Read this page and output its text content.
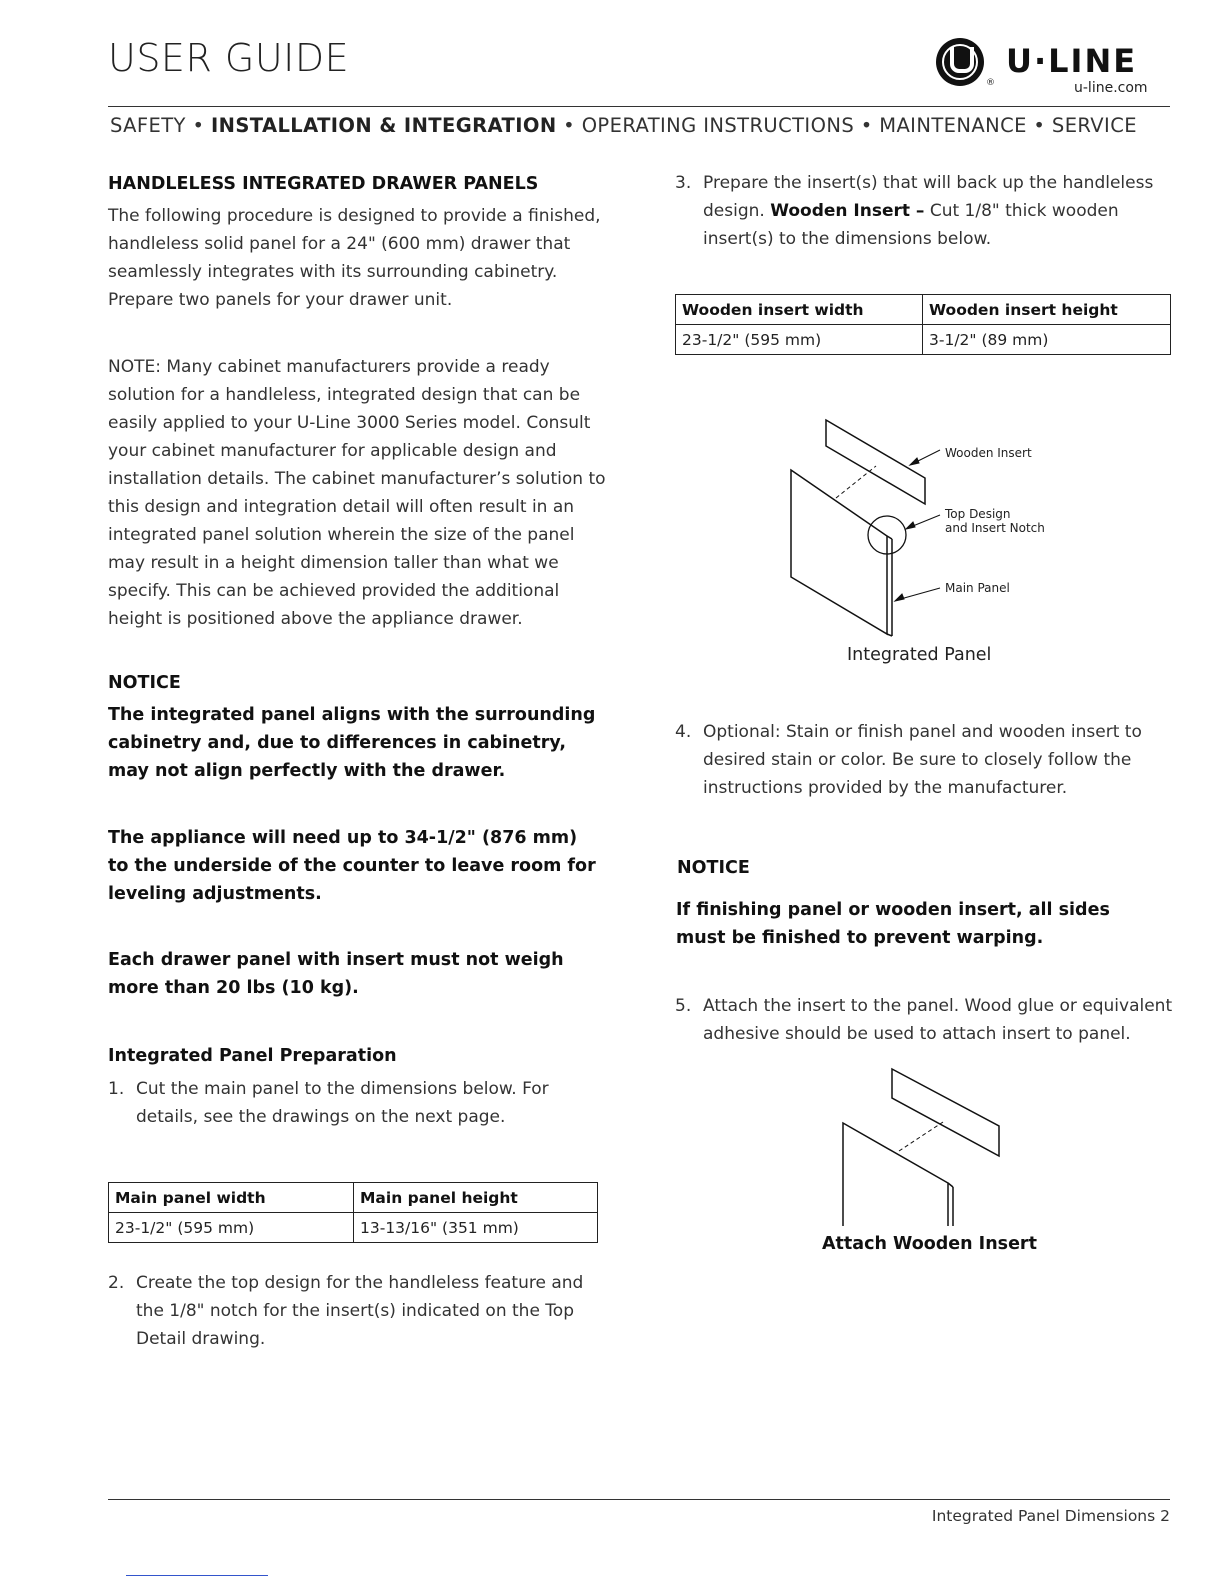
USER GUIDE
®
U·LINE
u-line.com
SAFETY • INSTALLATION & INTEGRATION • OPERATING INSTRUCTIONS • MAINTENANCE • SERVICE
HANDLELESS INTEGRATED DRAWER PANELS
The following procedure is designed to provide a finished,
handleless solid panel for a 24" (600 mm) drawer that
seamlessly integrates with its surrounding cabinetry.
Prepare two panels for your drawer unit.
NOTE: Many cabinet manufacturers provide a ready
solution for a handleless, integrated design that can be
easily applied to your U-Line 3000 Series model. Consult
your cabinet manufacturer for applicable design and
installation details. The cabinet manufacturer’s solution to
this design and integration detail will often result in an
integrated panel solution wherein the size of the panel
may result in a height dimension taller than what we
specify. This can be achieved provided the additional
height is positioned above the appliance drawer.
NOTICE
The integrated panel aligns with the surrounding
cabinetry and, due to differences in cabinetry,
may not align perfectly with the drawer.
The appliance will need up to 34-1/2" (876 mm)
to the underside of the counter to leave room for
leveling adjustments.
Each drawer panel with insert must not weigh
more than 20 lbs (10 kg).
Integrated Panel Preparation
1. Cut the main panel to the dimensions below. For
details, see the drawings on the next page.
Main panel width	Main panel height
23-1/2" (595 mm)	13-13/16" (351 mm)
2. Create the top design for the handleless feature and
the 1/8" notch for the insert(s) indicated on the Top
Detail drawing.
3. Prepare the insert(s) that will back up the handleless
design. Wooden Insert – Cut 1/8" thick wooden
insert(s) to the dimensions below.
Wooden insert width	Wooden insert height
23-1/2" (595 mm)	3-1/2" (89 mm)
Wooden Insert
Top Design
and Insert Notch
Main Panel
Integrated Panel
4. Optional: Stain or finish panel and wooden insert to
desired stain or color. Be sure to closely follow the
instructions provided by the manufacturer.
NOTICE
If finishing panel or wooden insert, all sides
must be finished to prevent warping.
5. Attach the insert to the panel. Wood glue or equivalent
adhesive should be used to attach insert to panel.
Attach Wooden Insert
Integrated Panel Dimensions 2
